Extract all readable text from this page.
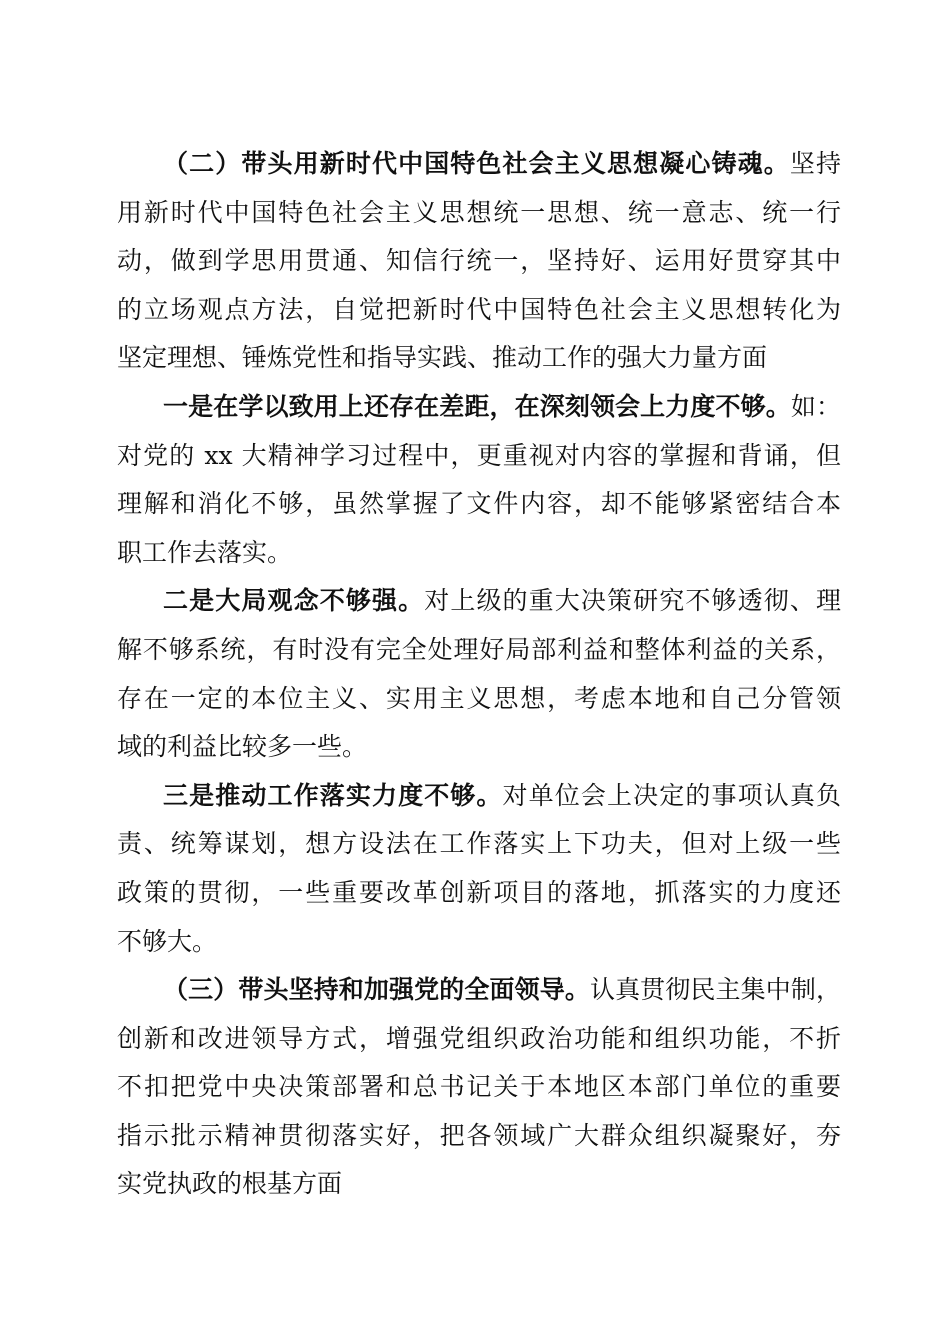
（二）带头用新时代中国特色社会主义思想凝心铸魂。坚持
用新时代中国特色社会主义思想统一思想、统一意志、统一行
动，做到学思用贯通、知信行统一，坚持好、运用好贯穿其中
的立场观点方法，自觉把新时代中国特色社会主义思想转化为
坚定理想、锤炼党性和指导实践、推动工作的强大力量方面
一是在学以致用上还存在差距，在深刻领会上力度不够。如：
对党的 xx 大精神学习过程中，更重视对内容的掌握和背诵，但
理解和消化不够，虽然掌握了文件内容，却不能够紧密结合本
职工作去落实。
二是大局观念不够强。对上级的重大决策研究不够透彻、理
解不够系统，有时没有完全处理好局部利益和整体利益的关系，
存在一定的本位主义、实用主义思想，考虑本地和自己分管领
域的利益比较多一些。
三是推动工作落实力度不够。对单位会上决定的事项认真负
责、统筹谋划，想方设法在工作落实上下功夫，但对上级一些
政策的贯彻，一些重要改革创新项目的落地，抓落实的力度还
不够大。
（三）带头坚持和加强党的全面领导。认真贯彻民主集中制，
创新和改进领导方式，增强党组织政治功能和组织功能，不折
不扣把党中央决策部署和总书记关于本地区本部门单位的重要
指示批示精神贯彻落实好，把各领域广大群众组织凝聚好，夯
实党执政的根基方面
